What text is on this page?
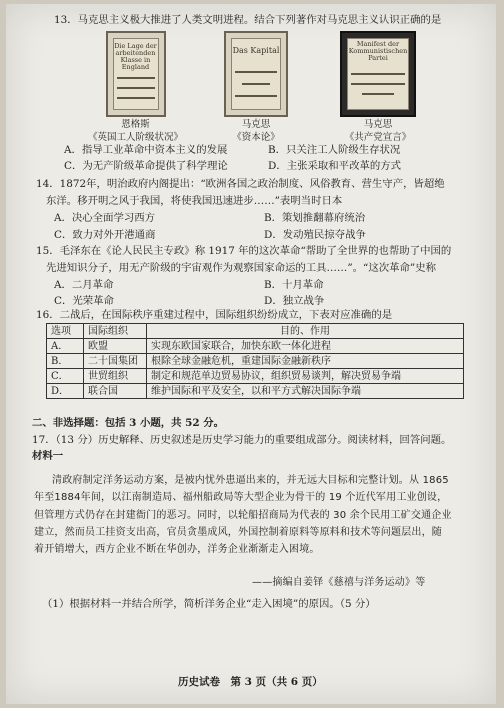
13．马克思主义极大推进了人类文明进程。结合下列著作对马克思主义认识正确的是
Die Lage der arbeitenden Klasse in England
恩格斯
《英国工人阶级状况》
Das Kapital
马克思
《资本论》
Manifest der Kommunistischen Partei
马克思
《共产党宣言》
A．指导工业革命中资本主义的发展	B．只关注工人阶级生存状况
C．为无产阶级革命提供了科学理论	D．主张采取和平改革的方式
14．1872年，明治政府内阁提出：“欧洲各国之政治制度、风俗教育、营生守产，皆超绝
东洋。移开明之风于我国，将使我国迅速进步……”表明当时日本
A．决心全面学习西方	B．策划推翻幕府统治
C．致力对外开港通商	D．发动殖民掠夺战争
15．毛泽东在《论人民民主专政》称 1917 年的这次革命“帮助了全世界的也帮助了中国的
先进知识分子，用无产阶级的宇宙观作为观察国家命运的工具……”。“这次革命”史称
A．二月革命	B．十月革命
C．光荣革命	D．独立战争
16．二战后，在国际秩序重建过程中，国际组织纷纷成立，下表对应准确的是
选项	国际组织	目的、作用
A．	欧盟	实现东欧国家联合，加快东欧一体化进程
B．	二十国集团	根除全球金融危机，重建国际金融新秩序
C．	世贸组织	制定和规范单边贸易协议，组织贸易谈判，解决贸易争端
D．	联合国	维护国际和平及安全，以和平方式解决国际争端
二、非选择题：包括 3 小题，共 52 分。
17．（13 分）历史解释、历史叙述是历史学习能力的重要组成部分。阅读材料，回答问题。
材料一
清政府制定洋务运动方案，是被内忧外患逼出来的，并无远大目标和完整计划。从 1865
年至1884年间，以江南制造局、福州船政局等大型企业为骨干的 19 个近代军用工业创设，
但管理方式仍存在封建衙门的恶习。同时，以轮船招商局为代表的 30 余个民用工矿交通企业
建立，然而员工挂资支出高，官员贪墨成风，外国控制着原料等原料和技术等问题层出，随
着开销增大，西方企业不断在华创办，洋务企业渐渐走入困境。
——摘编自姜铎《慈禧与洋务运动》等
（1）根据材料一并结合所学，简析洋务企业“走入困境”的原因。（5 分）
历史试卷　第 3 页（共 6 页）
